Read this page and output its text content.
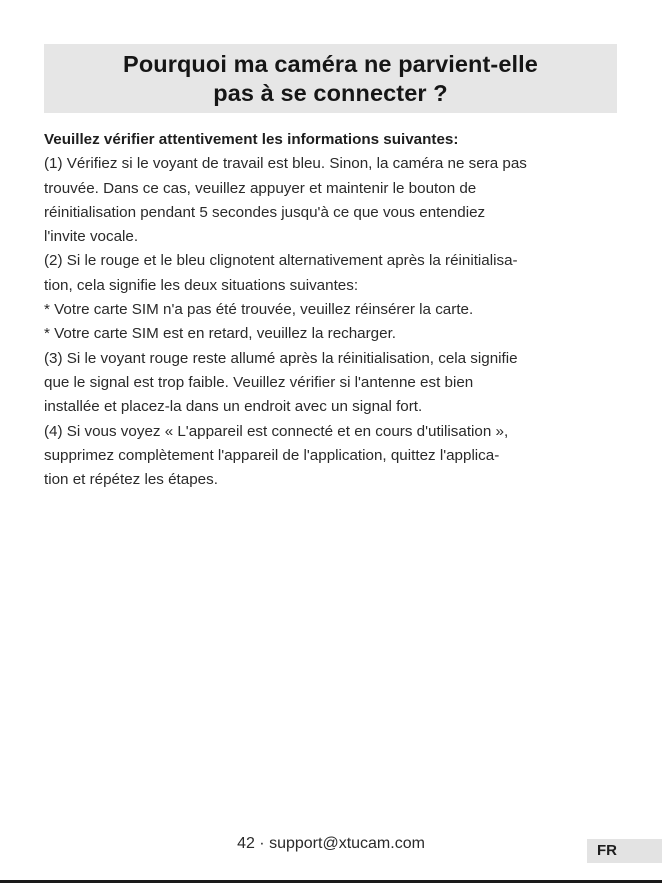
Pourquoi ma caméra ne parvient-elle
pas à se connecter ?

Veuillez vérifier attentivement les informations suivantes:

(1) Vérifiez si le voyant de travail est bleu. Sinon, la caméra ne sera pas

trouvée. Dans ce cas, veuillez appuyer et maintenir le bouton de

réinitialisation pendant 5 secondes jusqu'à ce que vous entendiez

l'invite vocale.

(2) Si le rouge et le bleu clignotent alternativement après la réinitialisa-

tion, cela signifie les deux situations suivantes:

* Votre carte SIM n'a pas été trouvée, veuillez réinsérer la carte.

* Votre carte SIM est en retard, veuillez la recharger.

(3) Si le voyant rouge reste allumé après la réinitialisation, cela signifie

que le signal est trop faible. Veuillez vérifier si l'antenne est bien

installée et placez-la dans un endroit avec un signal fort.

(4) Si vous voyez « L'appareil est connecté et en cours d'utilisation »,

supprimez complètement l'appareil de l'application, quittez l'applica-

tion et répétez les étapes.

42 · support@xtucam.com	FR
